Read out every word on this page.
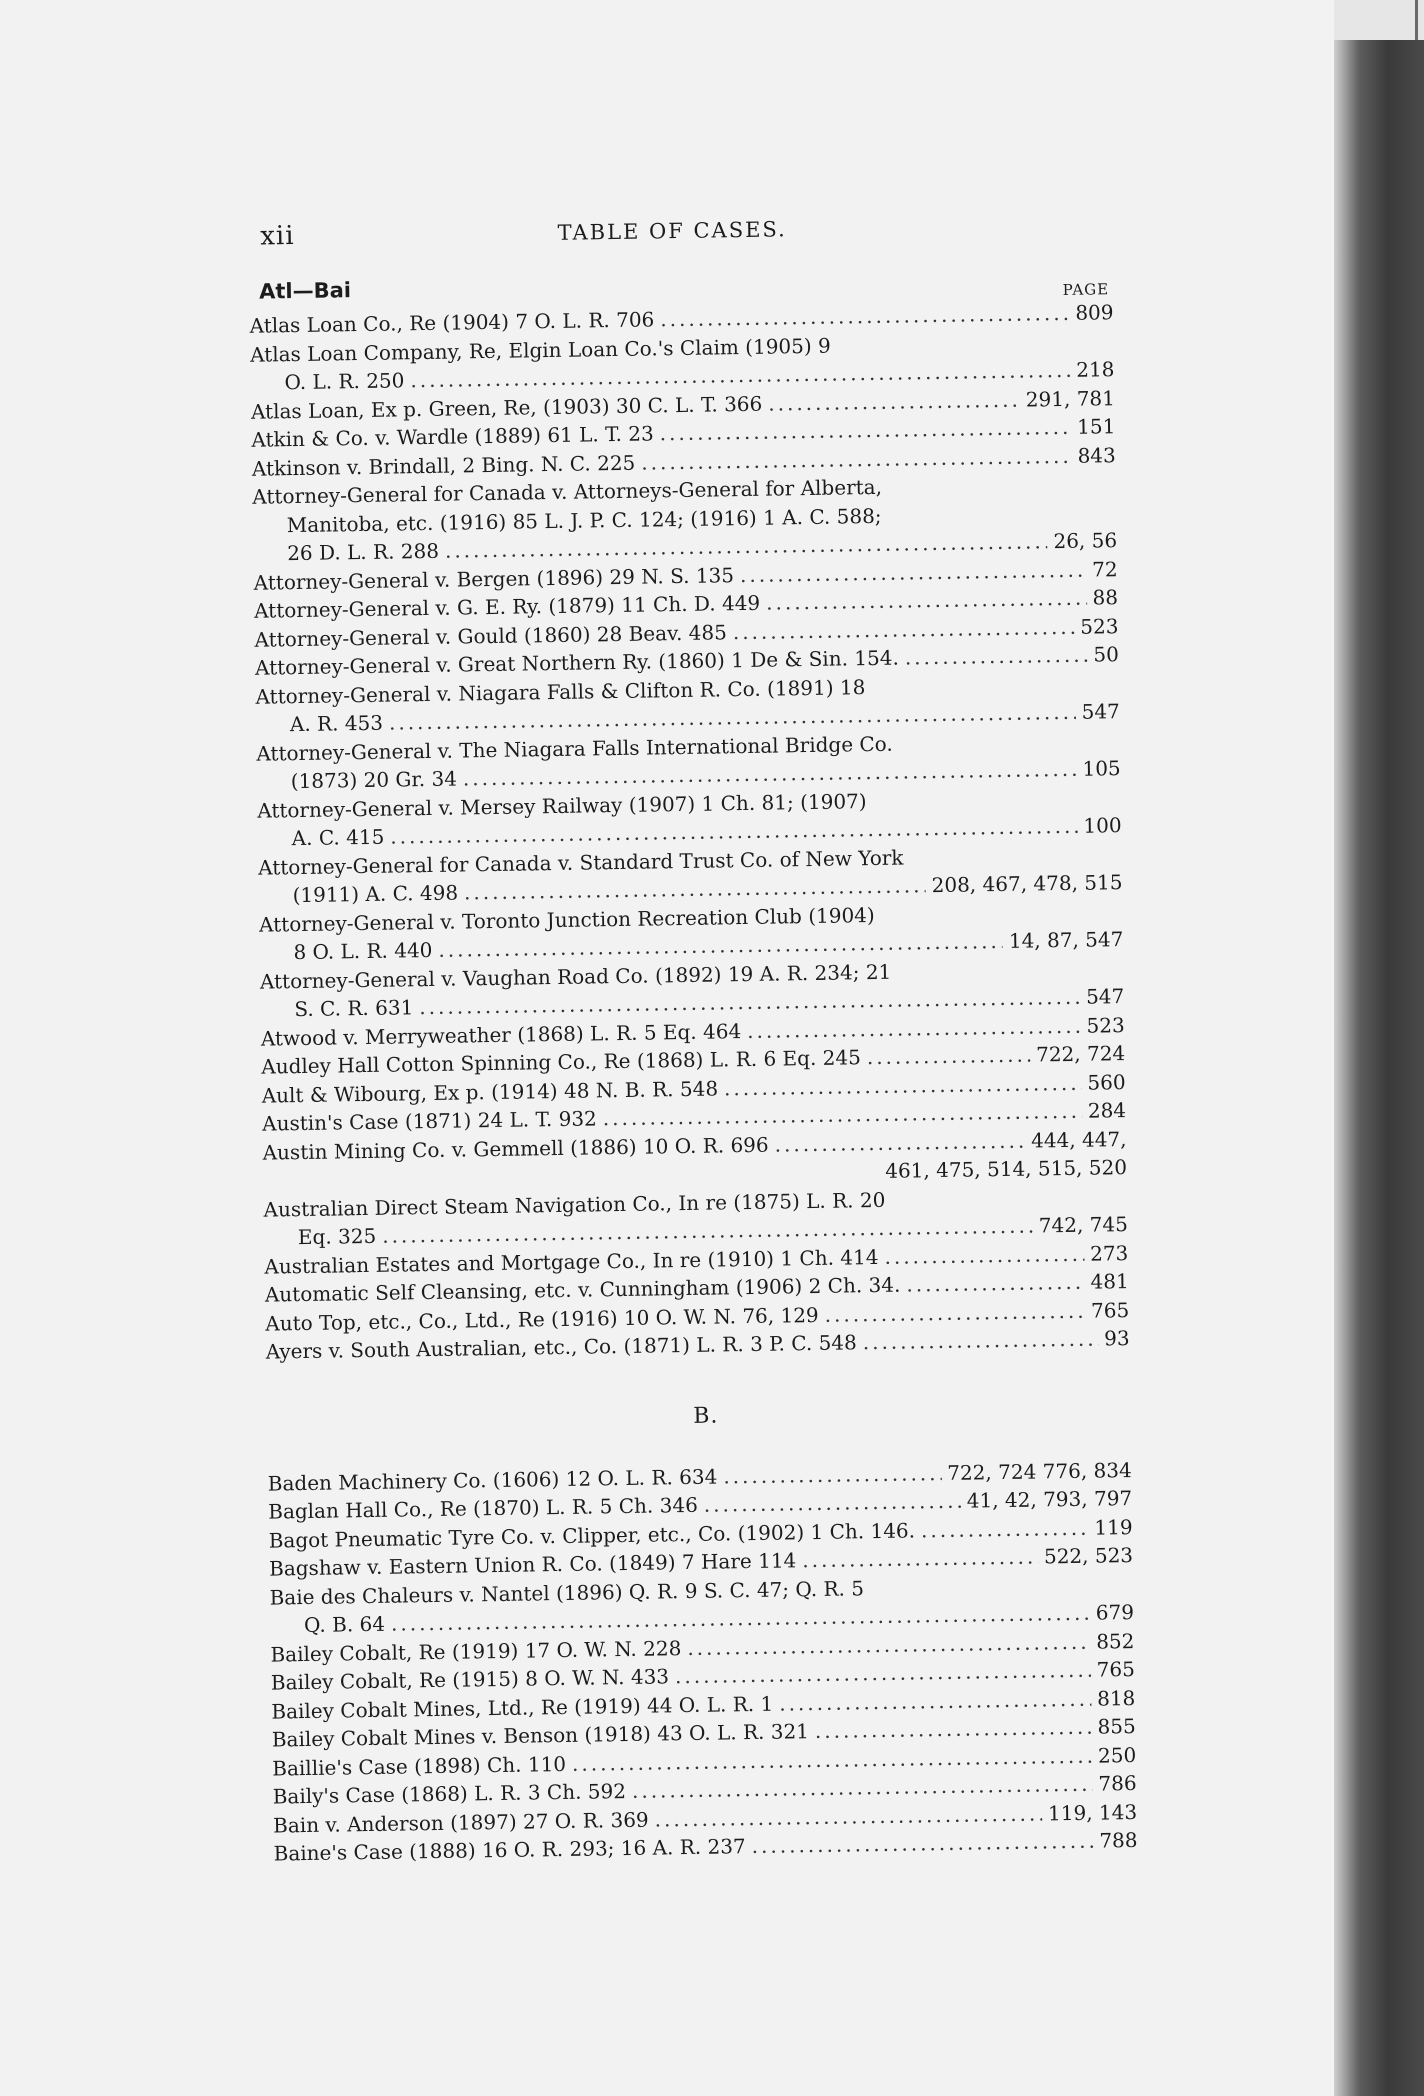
xii	TABLE OF CASES.
Atl—Bai	PAGE
Atlas Loan Co., Re (1904) 7 O. L. R. 706 .....	809
Atlas Loan Company, Re, Elgin Loan Co.'s Claim (1905) 9
O. L. R. 250 .....	218
Atlas Loan, Ex p. Green, Re, (1903) 30 C. L. T. 366 .....	291, 781
Atkin & Co. v. Wardle (1889) 61 L. T. 23 .....	151
Atkinson v. Brindall, 2 Bing. N. C. 225 .....	843
Attorney-General for Canada v. Attorneys-General for Alberta,
Manitoba, etc. (1916) 85 L. J. P. C. 124; (1916) 1 A. C. 588;
26 D. L. R. 288 .....	26, 56
Attorney-General v. Bergen (1896) 29 N. S. 135 .....	72
Attorney-General v. G. E. Ry. (1879) 11 Ch. D. 449 .....	88
Attorney-General v. Gould (1860) 28 Beav. 485 .....	523
Attorney-General v. Great Northern Ry. (1860) 1 De & Sin. 154. .....	50
Attorney-General v. Niagara Falls & Clifton R. Co. (1891) 18
A. R. 453 .....	547
Attorney-General v. The Niagara Falls International Bridge Co.
(1873) 20 Gr. 34 .....	105
Attorney-General v. Mersey Railway (1907) 1 Ch. 81; (1907)
A. C. 415 .....	100
Attorney-General for Canada v. Standard Trust Co. of New York
(1911) A. C. 498 .....	208, 467, 478, 515
Attorney-General v. Toronto Junction Recreation Club (1904)
8 O. L. R. 440 .....	14, 87, 547
Attorney-General v. Vaughan Road Co. (1892) 19 A. R. 234; 21
S. C. R. 631 .....	547
Atwood v. Merryweather (1868) L. R. 5 Eq. 464 .....	523
Audley Hall Cotton Spinning Co., Re (1868) L. R. 6 Eq. 245 .....	722, 724
Ault & Wibourg, Ex p. (1914) 48 N. B. R. 548 .....	560
Austin's Case (1871) 24 L. T. 932 .....	284
Austin Mining Co. v. Gemmell (1886) 10 O. R. 696 .....	444, 447,
461, 475, 514, 515, 520
Australian Direct Steam Navigation Co., In re (1875) L. R. 20
Eq. 325 .....	742, 745
Australian Estates and Mortgage Co., In re (1910) 1 Ch. 414 .....	273
Automatic Self Cleansing, etc. v. Cunningham (1906) 2 Ch. 34. .....	481
Auto Top, etc., Co., Ltd., Re (1916) 10 O. W. N. 76, 129 .....	765
Ayers v. South Australian, etc., Co. (1871) L. R. 3 P. C. 548 .....	93
B.
Baden Machinery Co. (1606) 12 O. L. R. 634 .....	722, 724 776, 834
Baglan Hall Co., Re (1870) L. R. 5 Ch. 346 .....	41, 42, 793, 797
Bagot Pneumatic Tyre Co. v. Clipper, etc., Co. (1902) 1 Ch. 146. .....	119
Bagshaw v. Eastern Union R. Co. (1849) 7 Hare 114 .....	522, 523
Baie des Chaleurs v. Nantel (1896) Q. R. 9 S. C. 47; Q. R. 5
Q. B. 64 .....	679
Bailey Cobalt, Re (1919) 17 O. W. N. 228 .....	852
Bailey Cobalt, Re (1915) 8 O. W. N. 433 .....	765
Bailey Cobalt Mines, Ltd., Re (1919) 44 O. L. R. 1 .....	818
Bailey Cobalt Mines v. Benson (1918) 43 O. L. R. 321 .....	855
Baillie's Case (1898) Ch. 110 .....	250
Baily's Case (1868) L. R. 3 Ch. 592 .....	786
Bain v. Anderson (1897) 27 O. R. 369 .....	119, 143
Baine's Case (1888) 16 O. R. 293; 16 A. R. 237 .....	788
